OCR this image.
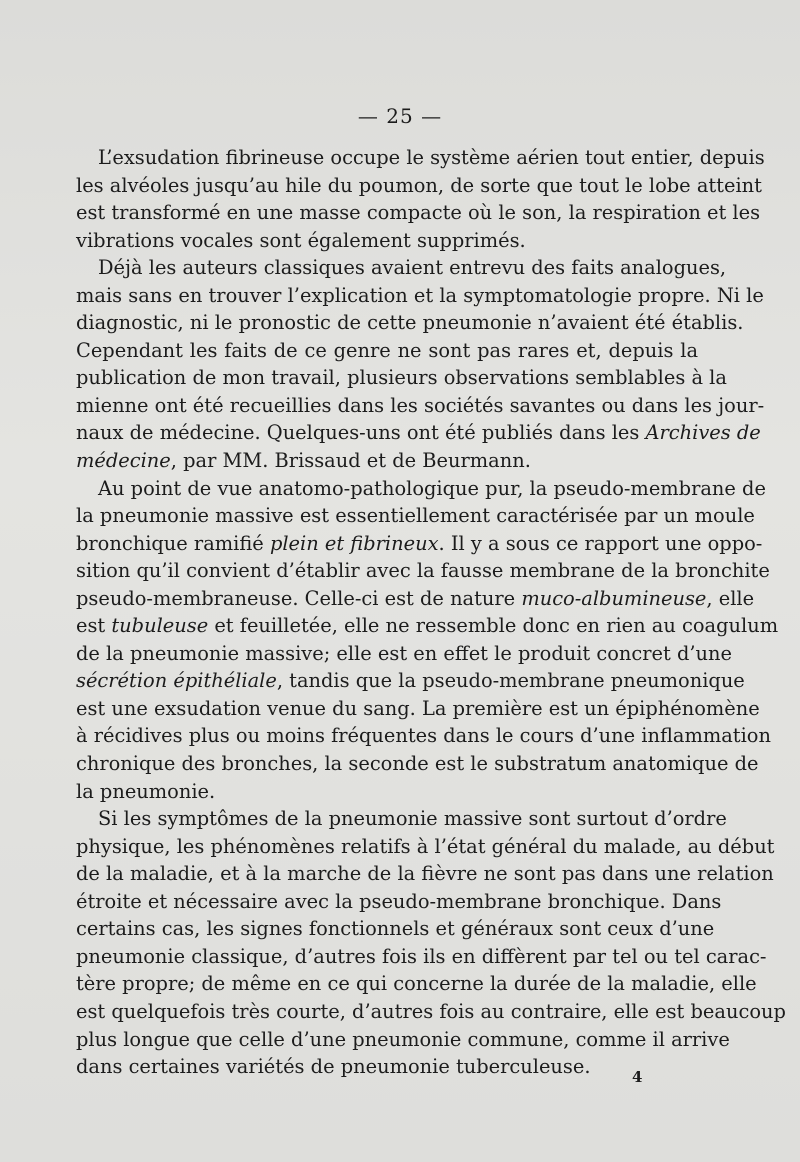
— 25 —

L’exsudation fibrineuse occupe le système aérien tout entier, depuis
les alvéoles jusqu’au hile du poumon, de sorte que tout le lobe atteint
est transformé en une masse compacte où le son, la respiration et les
vibrations vocales sont également supprimés.

Déjà les auteurs classiques avaient entrevu des faits analogues,
mais sans en trouver l’explication et la symptomatologie propre. Ni le
diagnostic, ni le pronostic de cette pneumonie n’avaient été établis.
Cependant les faits de ce genre ne sont pas rares et, depuis la
publication de mon travail, plusieurs observations semblables à la
mienne ont été recueillies dans les sociétés savantes ou dans les jour-
naux de médecine. Quelques-uns ont été publiés dans les Archives de
médecine, par MM. Brissaud et de Beurmann.

Au point de vue anatomo-pathologique pur, la pseudo-membrane de
la pneumonie massive est essentiellement caractérisée par un moule
bronchique ramifié plein et fibrineux. Il y a sous ce rapport une oppo-
sition qu’il convient d’établir avec la fausse membrane de la bronchite
pseudo-membraneuse. Celle-ci est de nature muco-albumineuse, elle
est tubuleuse et feuilletée, elle ne ressemble donc en rien au coagulum
de la pneumonie massive; elle est en effet le produit concret d’une
sécrétion épithéliale, tandis que la pseudo-membrane pneumonique
est une exsudation venue du sang. La première est un épiphénomène
à récidives plus ou moins fréquentes dans le cours d’une inflammation
chronique des bronches, la seconde est le substratum anatomique de
la pneumonie.

Si les symptômes de la pneumonie massive sont surtout d’ordre
physique, les phénomènes relatifs à l’état général du malade, au début
de la maladie, et à la marche de la fièvre ne sont pas dans une relation
étroite et nécessaire avec la pseudo-membrane bronchique. Dans
certains cas, les signes fonctionnels et généraux sont ceux d’une
pneumonie classique, d’autres fois ils en diffèrent par tel ou tel carac-
tère propre; de même en ce qui concerne la durée de la maladie, elle
est quelquefois très courte, d’autres fois au contraire, elle est beaucoup
plus longue que celle d’une pneumonie commune, comme il arrive
dans certaines variétés de pneumonie tuberculeuse.	4
